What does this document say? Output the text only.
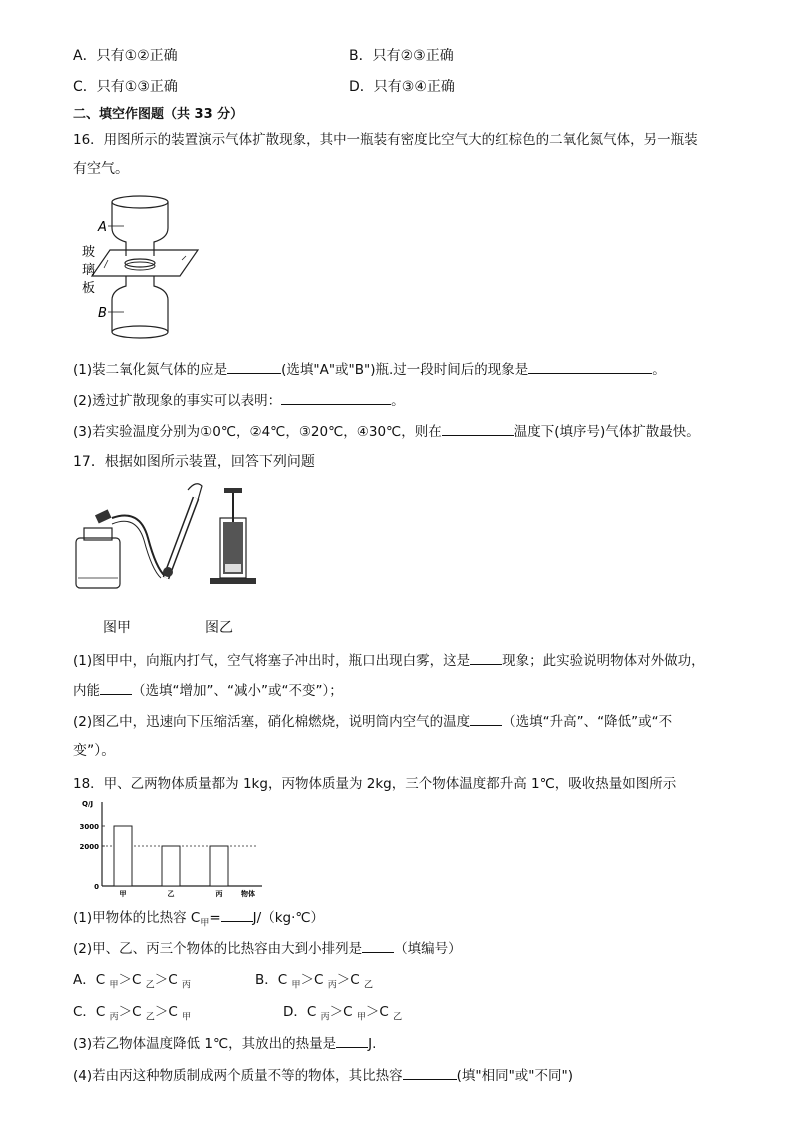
A．只有①②正确	B．只有②③正确
C．只有①③正确	D．只有③④正确
二、填空作图题（共 33 分）
16．用图所示的装置演示气体扩散现象，其中一瓶装有密度比空气大的红棕色的二氧化氮气体，另一瓶装
有空气。
A
B
玻
璃
板
(1)装二氧化氮气体的应是	(选填"A"或"B")瓶.过一段时间后的现象是	。
(2)透过扩散现象的事实可以表明：	。
(3)若实验温度分别为①0℃，②4℃，③20℃，④30℃，则在	温度下(填序号)气体扩散最快。
17．根据如图所示装置，回答下列问题
图甲	图乙
(1)图甲中，向瓶内打气，空气将塞子冲出时，瓶口出现白雾，这是 现象；此实验说明物体对外做功，
内能 （选填“增加”、“减小”或“不变”）；
(2)图乙中，迅速向下压缩活塞，硝化棉燃烧，说明筒内空气的温度 （选填“升高”、“降低”或“不
变”）。
18．甲、乙两物体质量都为 1kg，丙物体质量为 2kg，三个物体温度都升高 1℃，吸收热量如图所示
Q/J
0
2000
3000
甲	乙	丙	物体
(1)甲物体的比热容 $C_甲=$ J/（kg·℃）
(2)甲、乙、丙三个物体的比热容由大到小排列是 （填编号）
A．C $_甲$＞C $_乙$＞C $_丙$	B．C $_甲$＞C $_丙$＞C $_乙$
C．C $_丙$＞C $_乙$＞C $_甲$	D．C $_丙$＞C $_甲$＞C $_乙$
(3)若乙物体温度降低 1℃，其放出的热量是 J.
(4)若由丙这种物质制成两个质量不等的物体，其比热容	(填"相同"或"不同")
